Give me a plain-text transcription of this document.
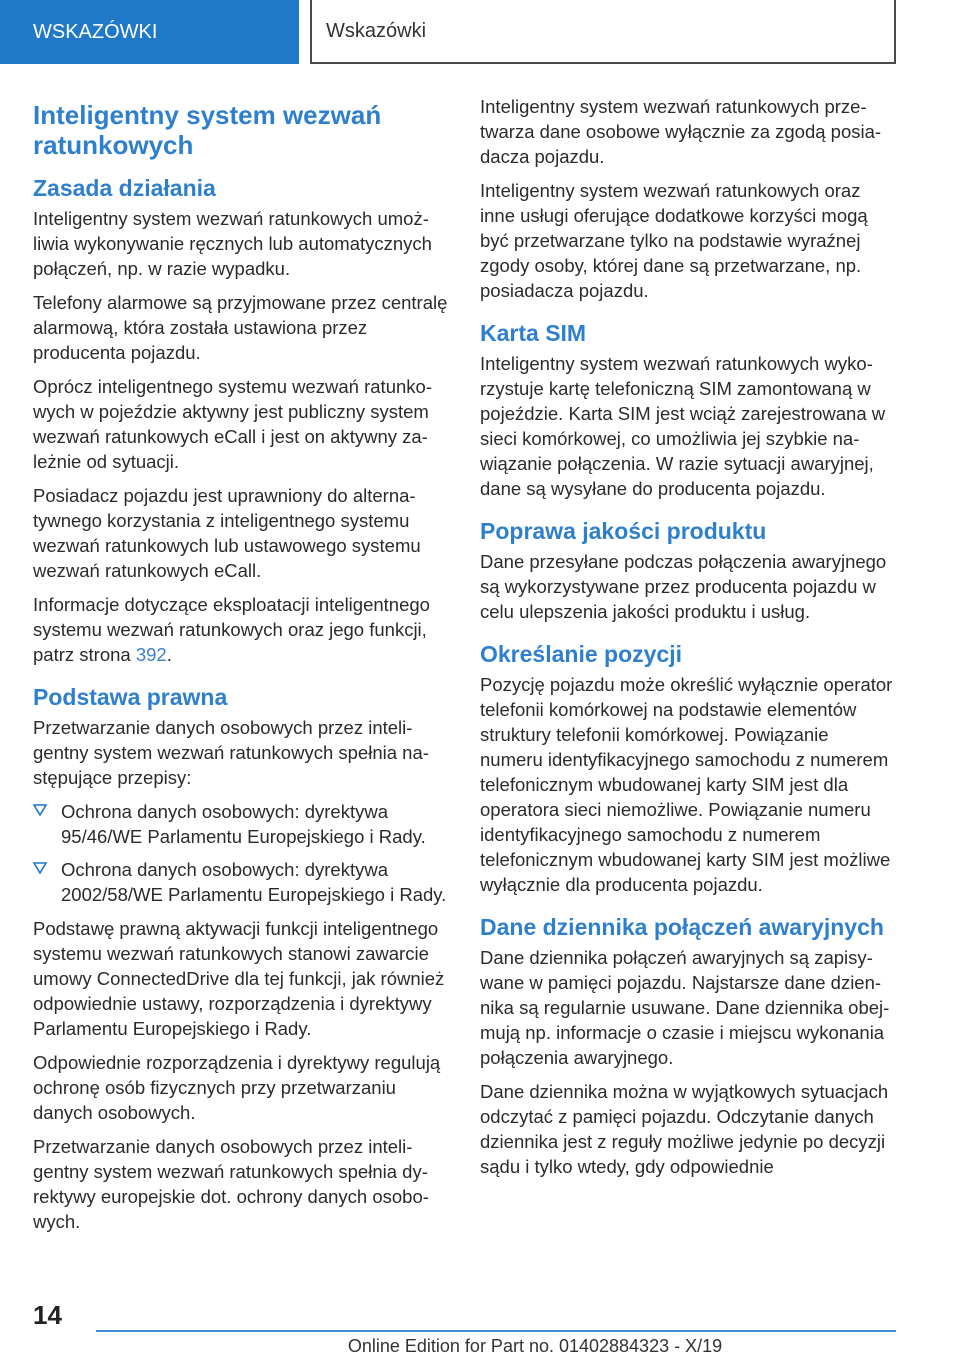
WSKAZÓWKI	Wskazówki
Inteligentny system wezwań ratunkowych
Zasada działania

Inteligentny system wezwań ratunkowych umożliwia wykonywanie ręcznych lub automatycznych połączeń, np. w razie wypadku.

Telefony alarmowe są przyjmowane przez centralę alarmową, która została ustawiona przez producenta pojazdu.

Oprócz inteligentnego systemu wezwań ratunkowych w pojeździe aktywny jest publiczny system wezwań ratunkowych eCall i jest on aktywny zależnie od sytuacji.

Posiadacz pojazdu jest uprawniony do alternatywnego korzystania z inteligentnego systemu wezwań ratunkowych lub ustawowego systemu wezwań ratunkowych eCall.

Informacje dotyczące eksploatacji inteligentnego systemu wezwań ratunkowych oraz jego funkcji, patrz strona 392.

Podstawa prawna

Przetwarzanie danych osobowych przez inteligentny system wezwań ratunkowych spełnia następujące przepisy:

Ochrona danych osobowych: dyrektywa 95/46/WE Parlamentu Europejskiego i Rady.
Ochrona danych osobowych: dyrektywa 2002/58/WE Parlamentu Europejskiego i Rady.

Podstawę prawną aktywacji funkcji inteligentnego systemu wezwań ratunkowych stanowi zawarcie umowy ConnectedDrive dla tej funkcji, jak również odpowiednie ustawy, rozporządzenia i dyrektywy Parlamentu Europejskiego i Rady.

Odpowiednie rozporządzenia i dyrektywy regulują ochronę osób fizycznych przy przetwarzaniu danych osobowych.

Przetwarzanie danych osobowych przez inteligentny system wezwań ratunkowych spełnia dyrektywy europejskie dot. ochrony danych osobowych.

Inteligentny system wezwań ratunkowych przetwarza dane osobowe wyłącznie za zgodą posiadacza pojazdu.

Inteligentny system wezwań ratunkowych oraz inne usługi oferujące dodatkowe korzyści mogą być przetwarzane tylko na podstawie wyraźnej zgody osoby, której dane są przetwarzane, np. posiadacza pojazdu.

Karta SIM

Inteligentny system wezwań ratunkowych wykorzystuje kartę telefoniczną SIM zamontowaną w pojeździe. Karta SIM jest wciąż zarejestrowana w sieci komórkowej, co umożliwia jej szybkie nawiązanie połączenia. W razie sytuacji awaryjnej, dane są wysyłane do producenta pojazdu.

Poprawa jakości produktu

Dane przesyłane podczas połączenia awaryjnego są wykorzystywane przez producenta pojazdu w celu ulepszenia jakości produktu i usług.

Określanie pozycji

Pozycję pojazdu może określić wyłącznie operator telefonii komórkowej na podstawie elementów struktury telefonii komórkowej. Powiązanie numeru identyfikacyjnego samochodu z numerem telefonicznym wbudowanej karty SIM jest dla operatora sieci niemożliwe. Powiązanie numeru identyfikacyjnego samochodu z numerem telefonicznym wbudowanej karty SIM jest możliwe wyłącznie dla producenta pojazdu.

Dane dziennika połączeń awaryjnych

Dane dziennika połączeń awaryjnych są zapisywane w pamięci pojazdu. Najstarsze dane dziennika są regularnie usuwane. Dane dziennika obejmują np. informacje o czasie i miejscu wykonania połączenia awaryjnego.

Dane dziennika można w wyjątkowych sytuacjach odczytać z pamięci pojazdu. Odczytanie danych dziennika jest z reguły możliwe jedynie po decyzji sądu i tylko wtedy, gdy odpowiednie

14
Online Edition for Part no. 01402884323 - X/19
